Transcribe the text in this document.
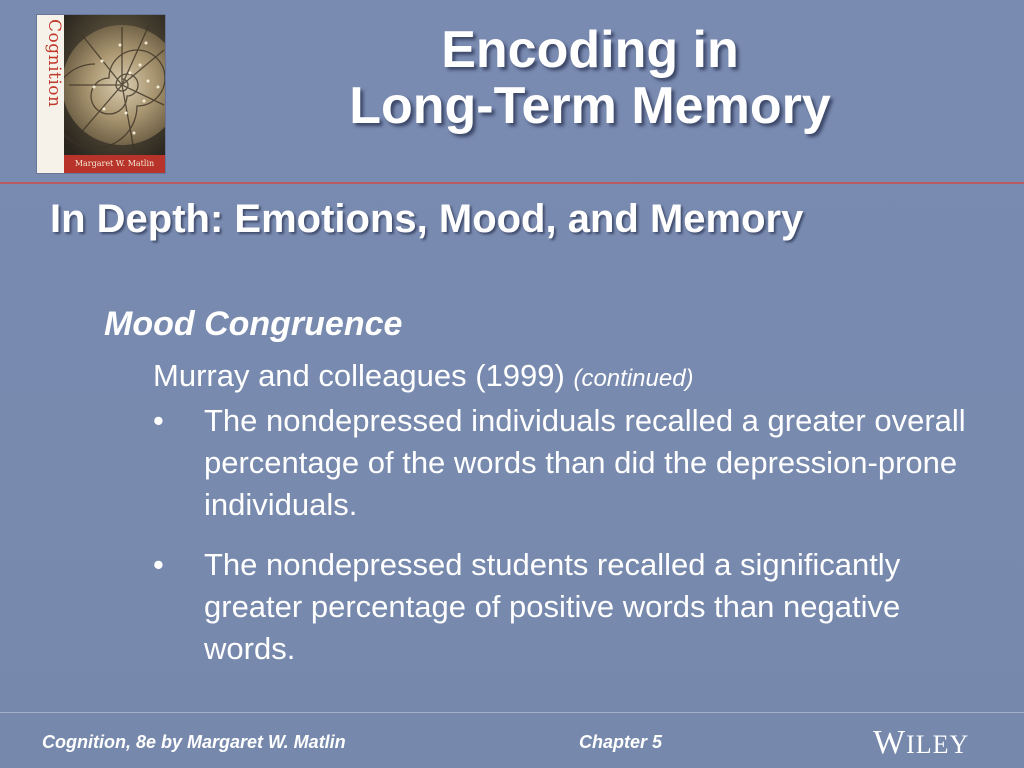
Cognition
Margaret W. Matlin
Encoding in
Long-Term Memory
In Depth: Emotions, Mood, and Memory
Mood Congruence
Murray and colleagues (1999) (continued)
• The nondepressed individuals recalled a greater overall percentage of the words than did the depression-prone individuals.
• The nondepressed students recalled a significantly greater percentage of positive words than negative words.
Cognition, 8e by Margaret W. Matlin	Chapter 5	WILEY
